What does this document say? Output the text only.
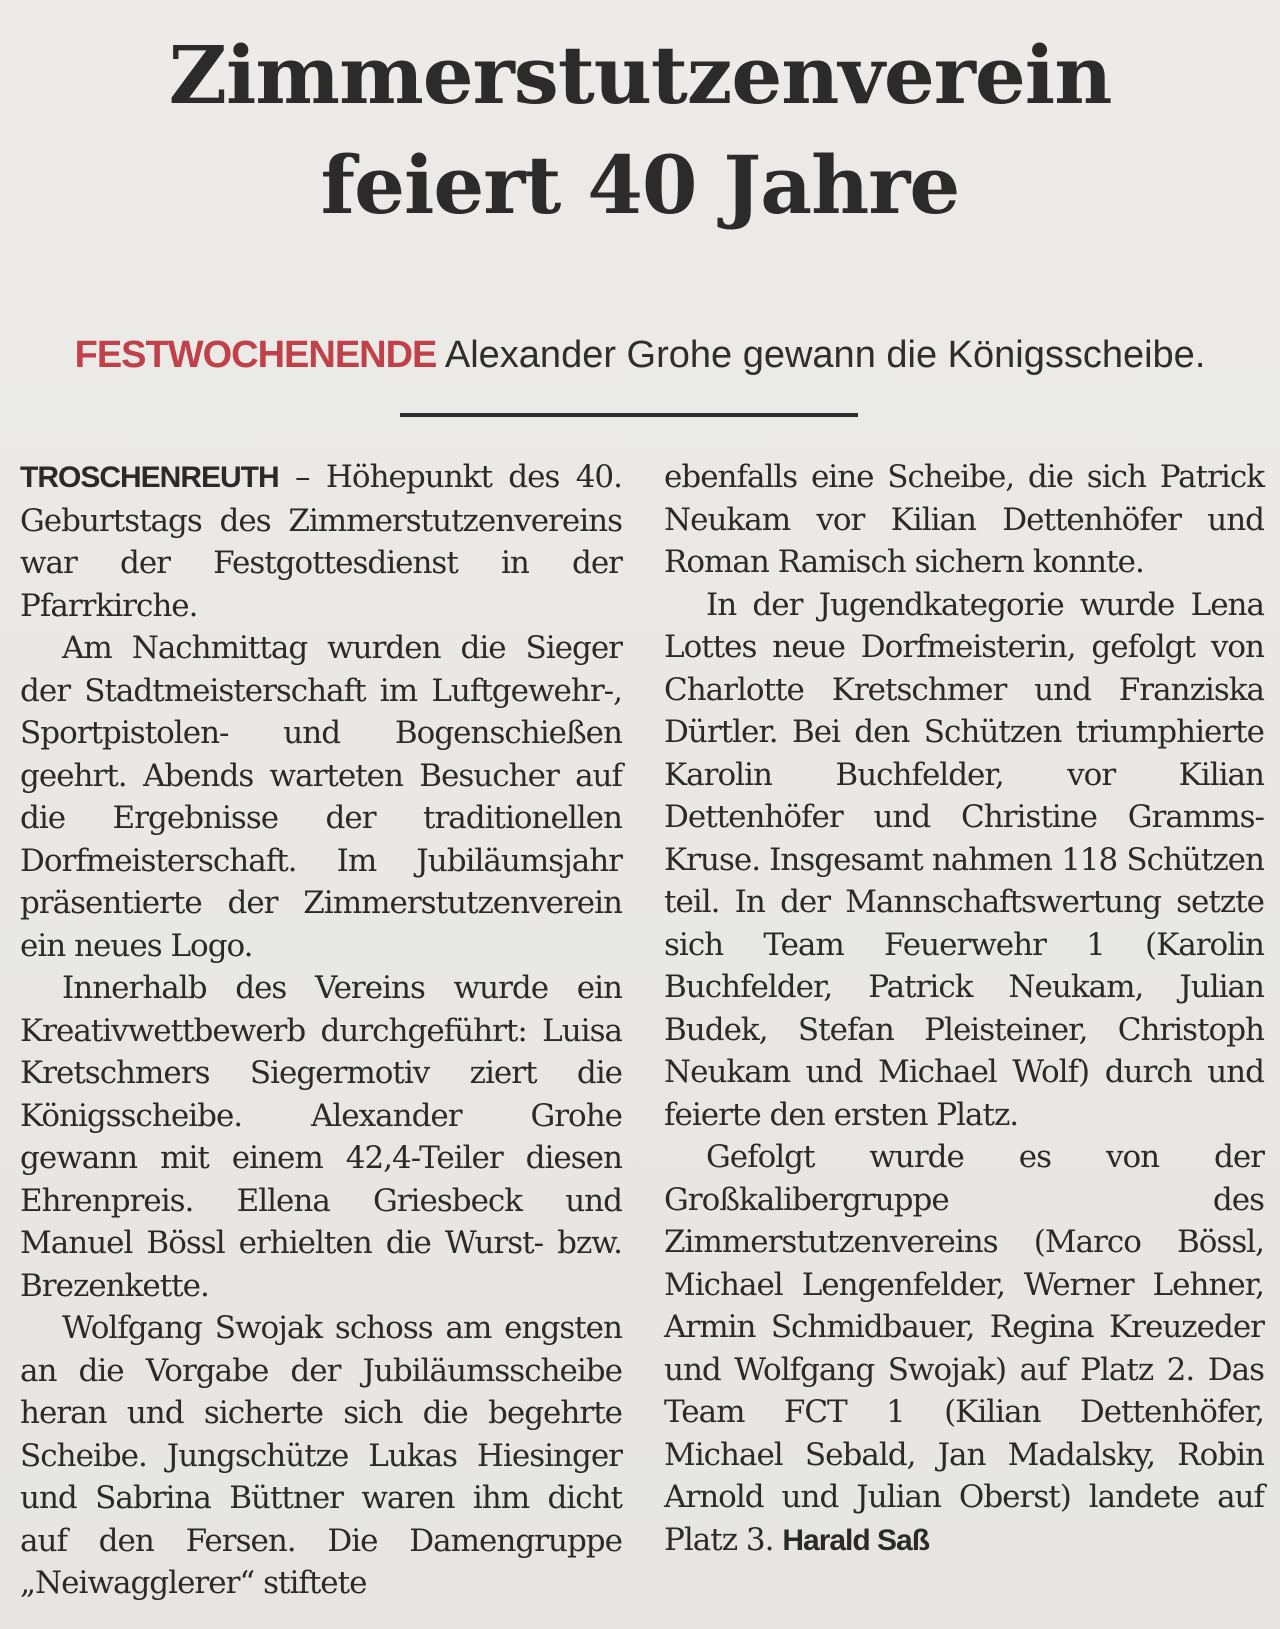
Zimmerstutzenverein
feiert 40 Jahre
FESTWOCHENENDE Alexander Grohe gewann die Königsscheibe.

TROSCHENREUTH – Höhepunkt des 40. Geburtstags des Zimmerstutzenvereins war der Festgottesdienst in der Pfarrkirche.

Am Nachmittag wurden die Sieger der Stadtmeisterschaft im Luftgewehr-, Sportpistolen- und Bogenschießen geehrt. Abends warteten Besucher auf die Ergebnisse der traditionellen Dorfmeisterschaft. Im Jubiläumsjahr präsentierte der Zimmerstutzenverein ein neues Logo.

Innerhalb des Vereins wurde ein Kreativwettbewerb durchgeführt: Luisa Kretschmers Siegermotiv ziert die Königsscheibe. Alexander Grohe gewann mit einem 42,4-Teiler diesen Ehrenpreis. Ellena Griesbeck und Manuel Bössl erhielten die Wurst- bzw. Brezenkette.

Wolfgang Swojak schoss am engsten an die Vorgabe der Jubiläumsscheibe heran und sicherte sich die begehrte Scheibe. Jungschütze Lukas Hiesinger und Sabrina Büttner waren ihm dicht auf den Fersen. Die Damengruppe „Neiwagglerer“ stiftete

ebenfalls eine Scheibe, die sich Patrick Neukam vor Kilian Dettenhöfer und Roman Ramisch sichern konnte.

In der Jugendkategorie wurde Lena Lottes neue Dorfmeisterin, gefolgt von Charlotte Kretschmer und Franziska Dürtler. Bei den Schützen triumphierte Karolin Buchfelder, vor Kilian Dettenhöfer und Christine Gramms-Kruse. Insgesamt nahmen 118 Schützen teil. In der Mannschaftswertung setzte sich Team Feuerwehr 1 (Karolin Buchfelder, Patrick Neukam, Julian Budek, Stefan Pleisteiner, Christoph Neukam und Michael Wolf) durch und feierte den ersten Platz.

Gefolgt wurde es von der Großkalibergruppe des Zimmerstutzenvereins (Marco Bössl, Michael Lengenfelder, Werner Lehner, Armin Schmidbauer, Regina Kreuzeder und Wolfgang Swojak) auf Platz 2. Das Team FCT 1 (Kilian Dettenhöfer, Michael Sebald, Jan Madalsky, Robin Arnold und Julian Oberst) landete auf Platz 3. Harald Saß
